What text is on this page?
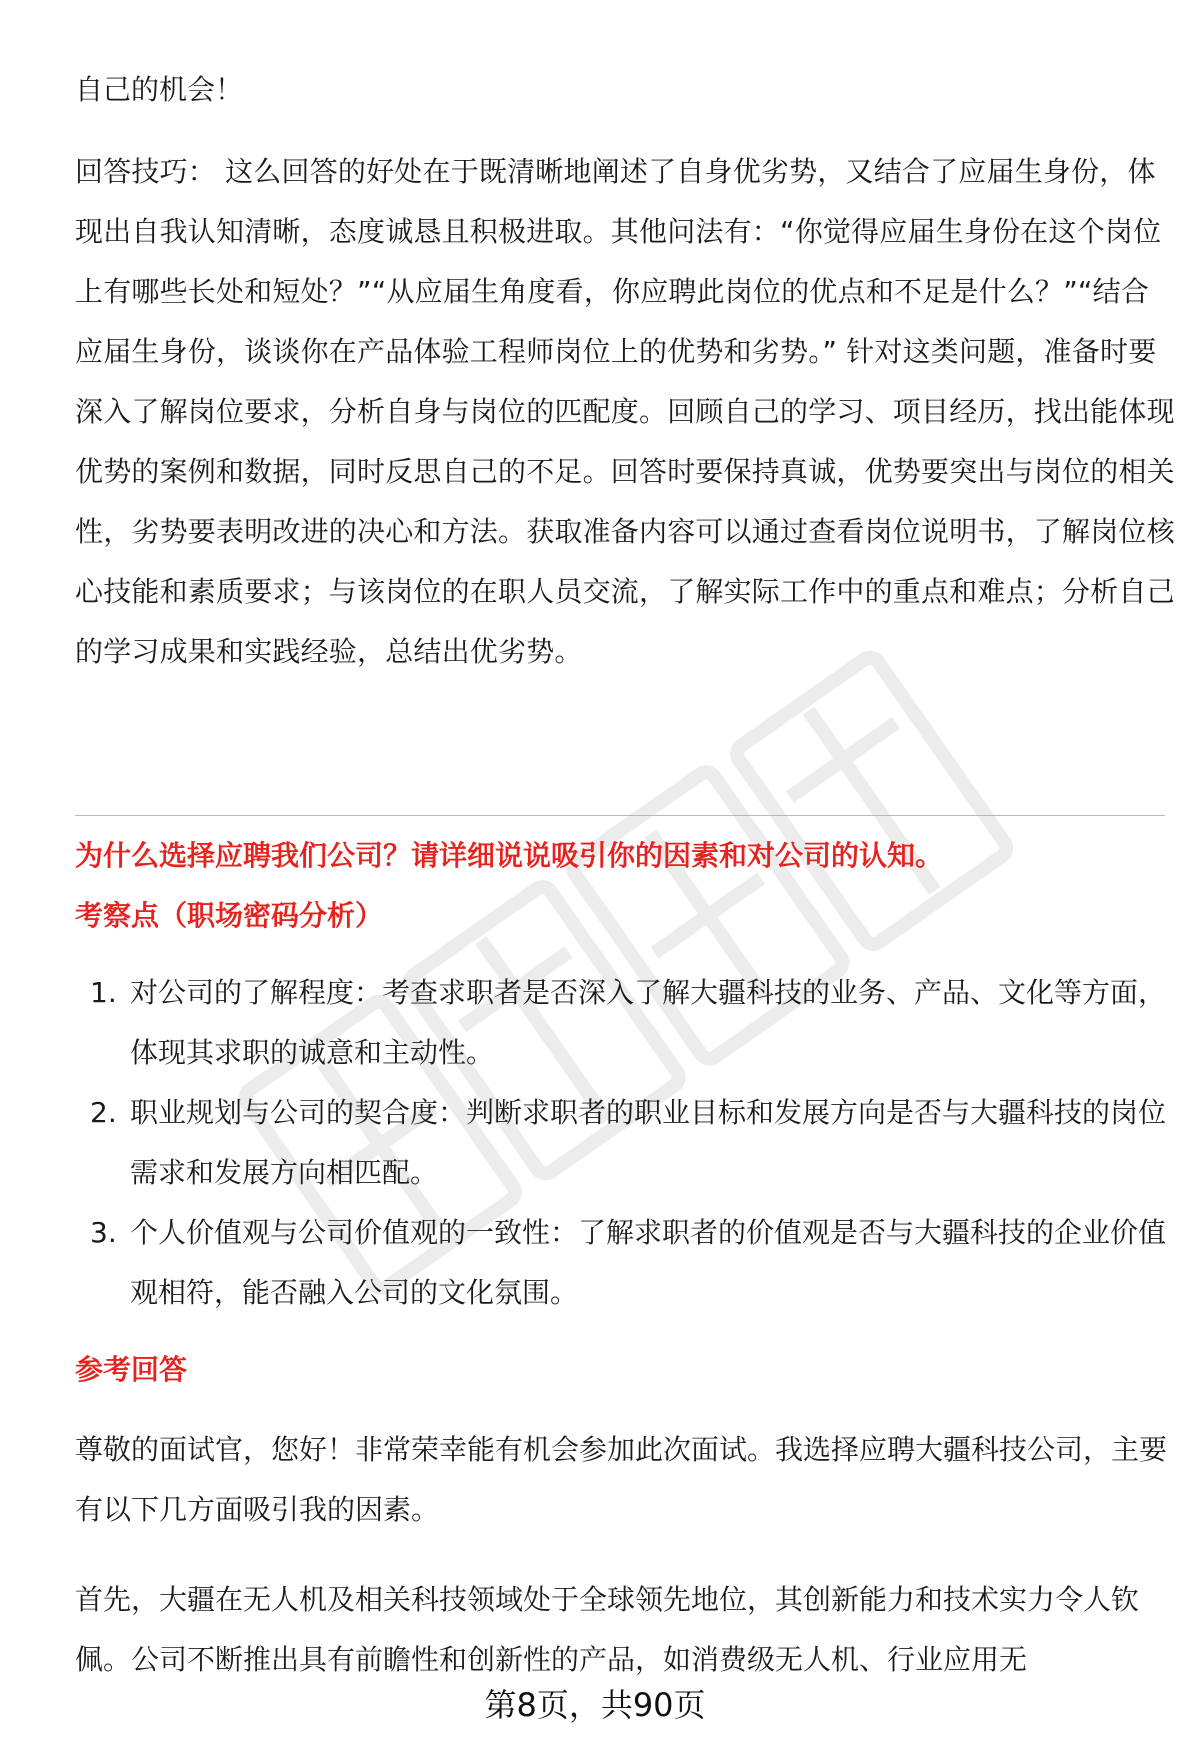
自己的机会！

回答技巧： 这么回答的好处在于既清晰地阐述了自身优劣势，又结合了应届生身份，体现出自我认知清晰，态度诚恳且积极进取。其他问法有：“你觉得应届生身份在这个岗位上有哪些长处和短处？”“从应届生角度看，你应聘此岗位的优点和不足是什么？”“结合应届生身份，谈谈你在产品体验工程师岗位上的优势和劣势。” 针对这类问题，准备时要深入了解岗位要求，分析自身与岗位的匹配度。回顾自己的学习、项目经历，找出能体现优势的案例和数据，同时反思自己的不足。回答时要保持真诚，优势要突出与岗位的相关性，劣势要表明改进的决心和方法。获取准备内容可以通过查看岗位说明书，了解岗位核心技能和素质要求；与该岗位的在职人员交流，了解实际工作中的重点和难点；分析自己的学习成果和实践经验，总结出优劣势。

为什么选择应聘我们公司？请详细说说吸引你的因素和对公司的认知。

考察点（职场密码分析）

1. 对公司的了解程度：考查求职者是否深入了解大疆科技的业务、产品、文化等方面，体现其求职的诚意和主动性。
2. 职业规划与公司的契合度：判断求职者的职业目标和发展方向是否与大疆科技的岗位需求和发展方向相匹配。
3. 个人价值观与公司价值观的一致性：了解求职者的价值观是否与大疆科技的企业价值观相符，能否融入公司的文化氛围。

参考回答

尊敬的面试官，您好！非常荣幸能有机会参加此次面试。我选择应聘大疆科技公司，主要有以下几方面吸引我的因素。

首先，大疆在无人机及相关科技领域处于全球领先地位，其创新能力和技术实力令人钦佩。公司不断推出具有前瞻性和创新性的产品，如消费级无人机、行业应用无

第8页，共90页
